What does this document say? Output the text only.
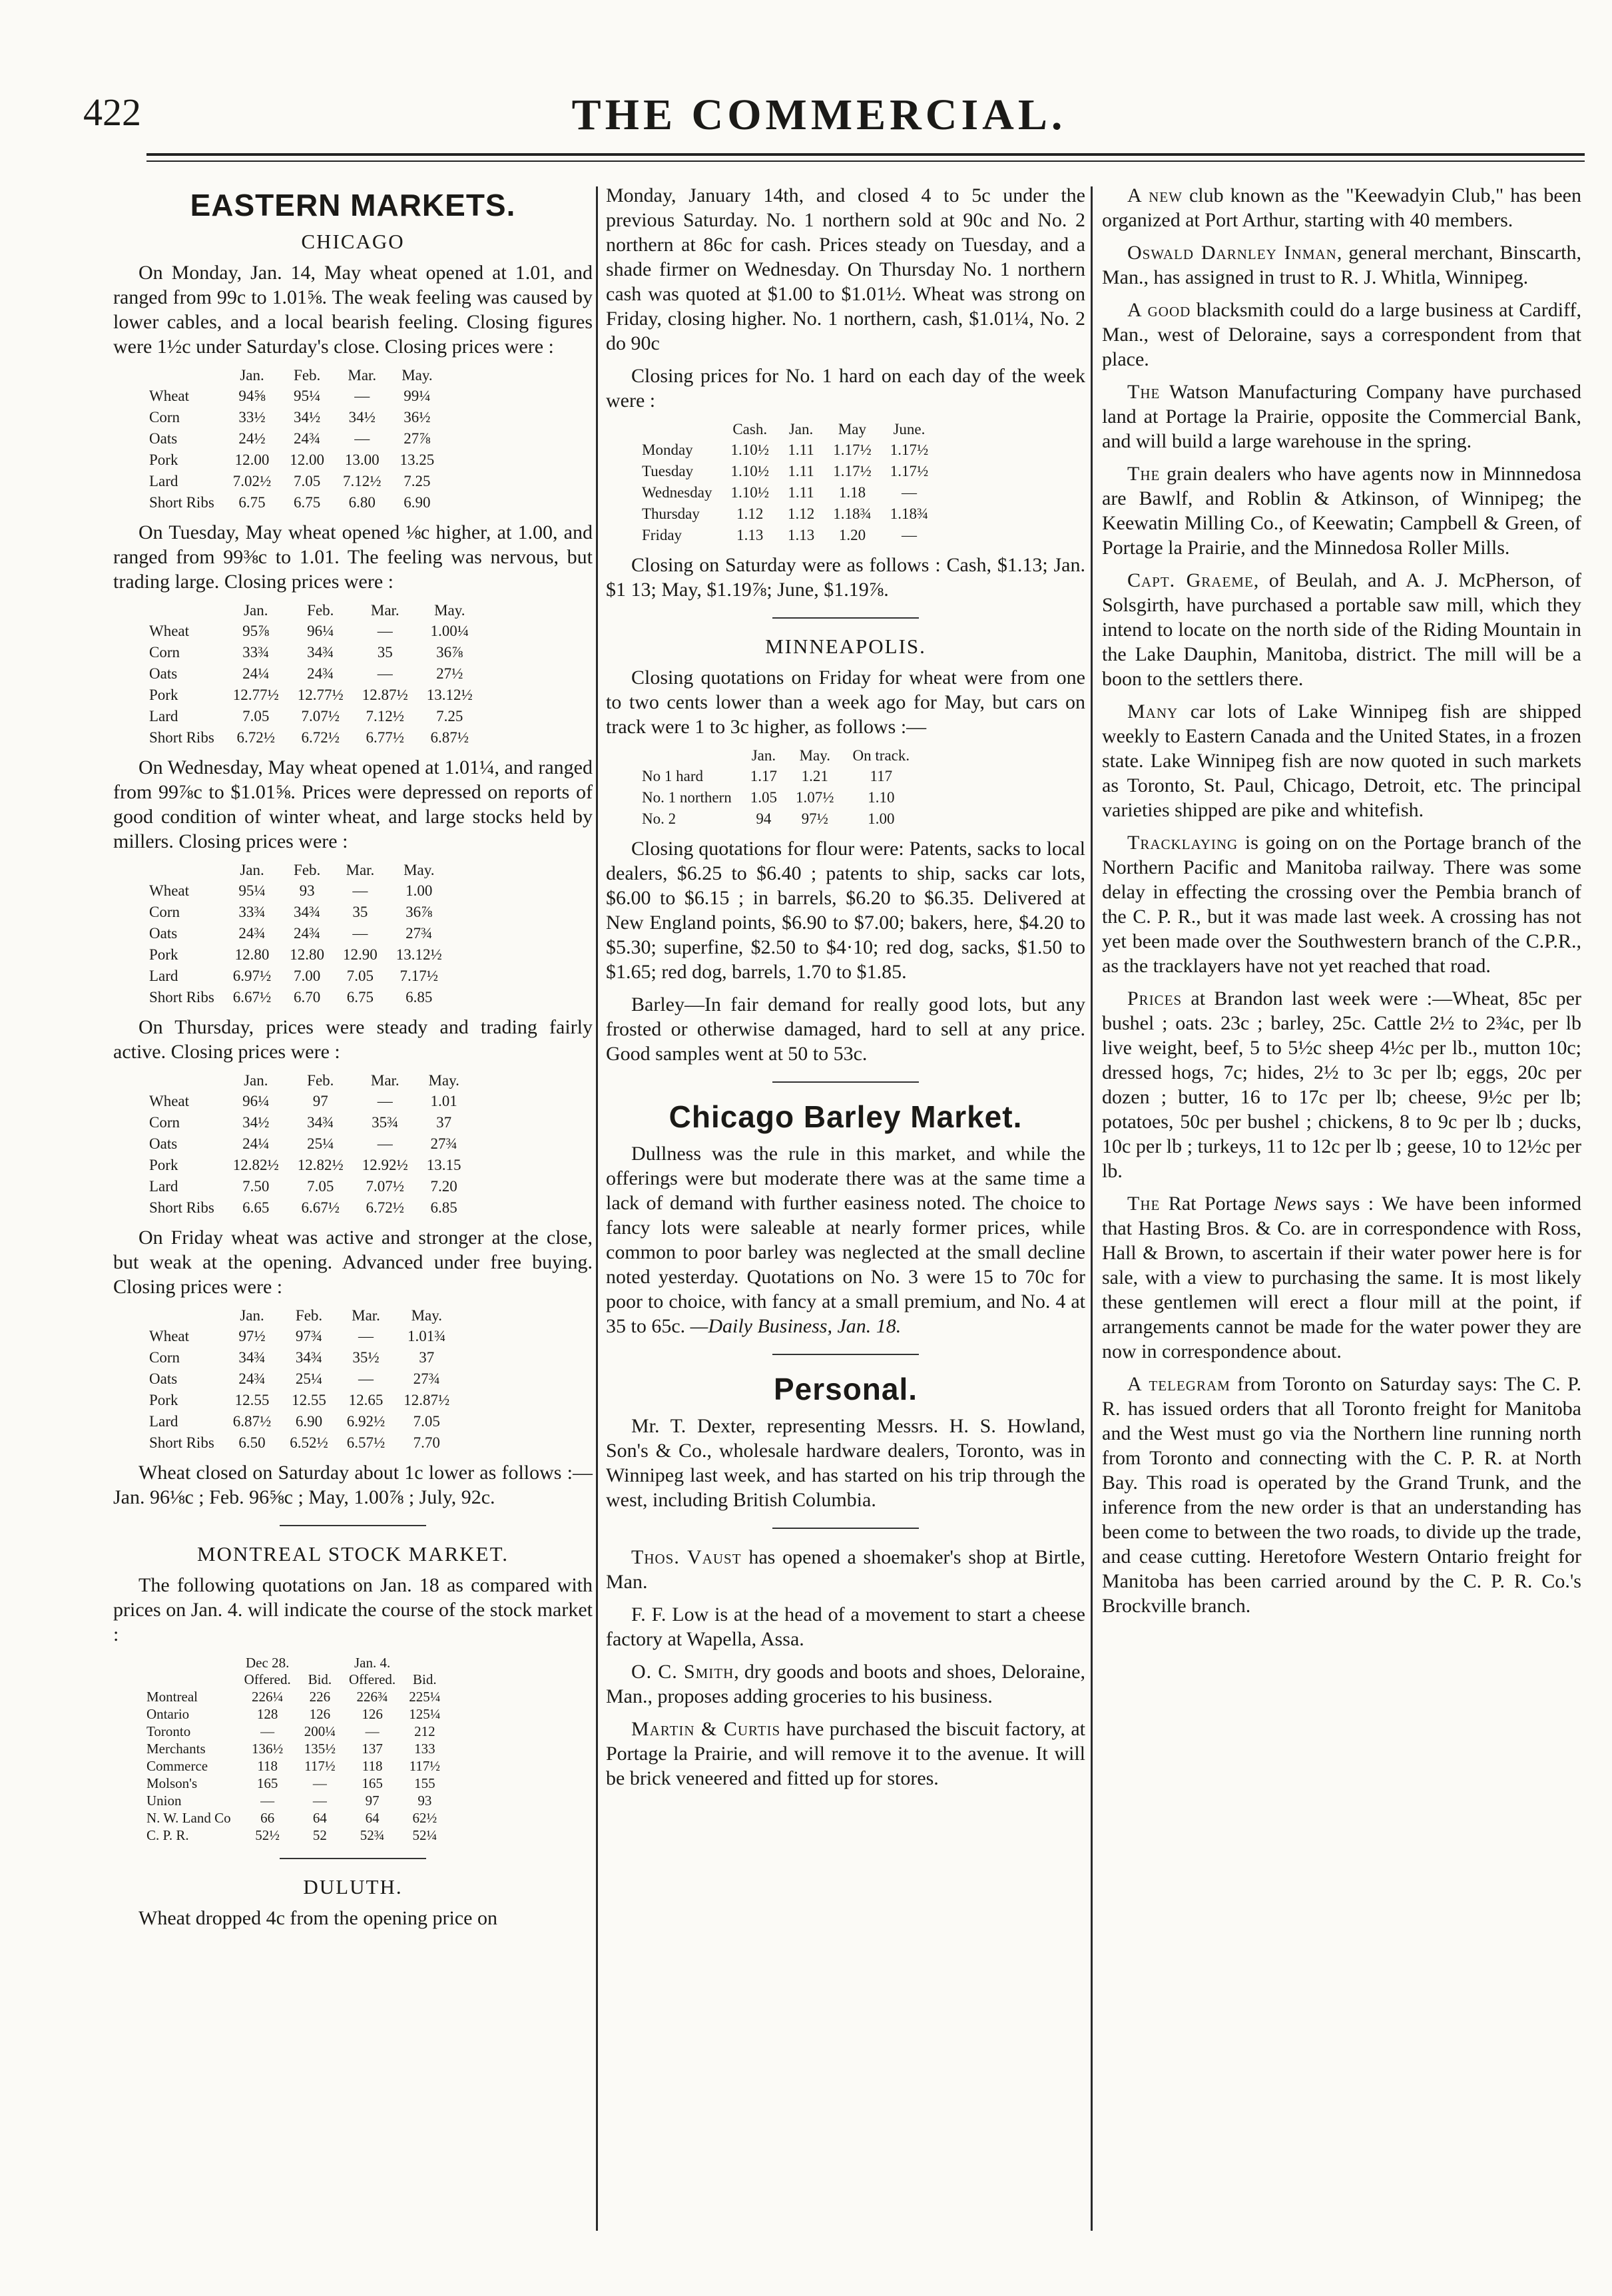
422	THE COMMERCIAL.
EASTERN MARKETS.
CHICAGO

On Monday, Jan. 14, May wheat opened at 1.01, and ranged from 99c to 1.01⅝. The weak feeling was caused by lower cables, and a local bearish feeling. Closing figures were 1½c under Saturday's close. Closing prices were :

	Jan.	Feb.	Mar.	May.
Wheat	94⅝	95¼	—	99¼
Corn	33½	34½	34½	36½
Oats	24½	24¾	—	27⅞
Pork	12.00	12.00	13.00	13.25
Lard	7.02½	7.05	7.12½	7.25
Short Ribs	6.75	6.75	6.80	6.90

On Tuesday, May wheat opened ⅛c higher, at 1.00, and ranged from 99⅜c to 1.01. The feeling was nervous, but trading large. Closing prices were :

	Jan.	Feb.	Mar.	May.
Wheat	95⅞	96¼	—	1.00¼
Corn	33¾	34¾	35	36⅞
Oats	24¼	24¾	—	27½
Pork	12.77½	12.77½	12.87½	13.12½
Lard	7.05	7.07½	7.12½	7.25
Short Ribs	6.72½	6.72½	6.77½	6.87½

On Wednesday, May wheat opened at 1.01¼, and ranged from 99⅞c to $1.01⅝. Prices were depressed on reports of good condition of winter wheat, and large stocks held by millers. Closing prices were :

	Jan.	Feb.	Mar.	May.
Wheat	95¼	93	—	1.00
Corn	33¾	34¾	35	36⅞
Oats	24¾	24¾	—	27¾
Pork	12.80	12.80	12.90	13.12½
Lard	6.97½	7.00	7.05	7.17½
Short Ribs	6.67½	6.70	6.75	6.85

On Thursday, prices were steady and trading fairly active. Closing prices were :

	Jan.	Feb.	Mar.	May.
Wheat	96¼	97	—	1.01
Corn	34½	34¾	35¾	37
Oats	24¼	25¼	—	27¾
Pork	12.82½	12.82½	12.92½	13.15
Lard	7.50	7.05	7.07½	7.20
Short Ribs	6.65	6.67½	6.72½	6.85

On Friday wheat was active and stronger at the close, but weak at the opening. Advanced under free buying. Closing prices were :

	Jan.	Feb.	Mar.	May.
Wheat	97½	97¾	—	1.01¾
Corn	34¾	34¾	35½	37
Oats	24¾	25¼	—	27¾
Pork	12.55	12.55	12.65	12.87½
Lard	6.87½	6.90	6.92½	7.05
Short Ribs	6.50	6.52½	6.57½	7.70

Wheat closed on Saturday about 1c lower as follows :—Jan. 96⅛c ; Feb. 96⅝c ; May, 1.00⅞ ; July, 92c.

MONTREAL STOCK MARKET.

The following quotations on Jan. 18 as compared with prices on Jan. 4. will indicate the course of the stock market :

	Dec 28.		Jan. 4.	
	Offered.	Bid.	Offered.	Bid.
Montreal	226¼	226	226¾	225¼
Ontario	128	126	126	125¼
Toronto	—	200¼	—	212
Merchants	136½	135½	137	133
Commerce	118	117½	118	117½
Molson's	165	—	165	155
Union	—	—	97	93
N. W. Land Co	66	64	64	62½
C. P. R.	52½	52	52¾	52¼
DULUTH.

Wheat dropped 4c from the opening price on

Monday, January 14th, and closed 4 to 5c under the previous Saturday. No. 1 northern sold at 90c and No. 2 northern at 86c for cash. Prices steady on Tuesday, and a shade firmer on Wednesday. On Thursday No. 1 northern cash was quoted at $1.00 to $1.01½. Wheat was strong on Friday, closing higher. No. 1 northern, cash, $1.01¼, No. 2 do 90c

Closing prices for No. 1 hard on each day of the week were :

	Cash.	Jan.	May	June.
Monday	1.10½	1.11	1.17½	1.17½
Tuesday	1.10½	1.11	1.17½	1.17½
Wednesday	1.10½	1.11	1.18	—
Thursday	1.12	1.12	1.18¾	1.18¾
Friday	1.13	1.13	1.20	—

Closing on Saturday were as follows : Cash, $1.13; Jan. $1 13; May, $1.19⅞; June, $1.19⅞.

MINNEAPOLIS.

Closing quotations on Friday for wheat were from one to two cents lower than a week ago for May, but cars on track were 1 to 3c higher, as follows :—

	Jan.	May.	On track.
No 1 hard	1.17	1.21	117
No. 1 northern	1.05	1.07½	1.10
No. 2	94	97½	1.00

Closing quotations for flour were: Patents, sacks to local dealers, $6.25 to $6.40 ; patents to ship, sacks car lots, $6.00 to $6.15 ; in barrels, $6.20 to $6.35. Delivered at New England points, $6.90 to $7.00; bakers, here, $4.20 to $5.30; superfine, $2.50 to $4·10; red dog, sacks, $1.50 to $1.65; red dog, barrels, 1.70 to $1.85.

Barley—In fair demand for really good lots, but any frosted or otherwise damaged, hard to sell at any price. Good samples went at 50 to 53c.

Chicago Barley Market.

Dullness was the rule in this market, and while the offerings were but moderate there was at the same time a lack of demand with further easiness noted. The choice to fancy lots were saleable at nearly former prices, while common to poor barley was neglected at the small decline noted yesterday. Quotations on No. 3 were 15 to 70c for poor to choice, with fancy at a small premium, and No. 4 at 35 to 65c. —Daily Business, Jan. 18.

Personal.

Mr. T. Dexter, representing Messrs. H. S. Howland, Son's & Co., wholesale hardware dealers, Toronto, was in Winnipeg last week, and has started on his trip through the west, including British Columbia.

Thos. Vaust has opened a shoemaker's shop at Birtle, Man.

F. F. Low is at the head of a movement to start a cheese factory at Wapella, Assa.

O. C. Smith, dry goods and boots and shoes, Deloraine, Man., proposes adding groceries to his business.

Martin & Curtis have purchased the biscuit factory, at Portage la Prairie, and will remove it to the avenue. It will be brick veneered and fitted up for stores.

A new club known as the "Keewadyin Club," has been organized at Port Arthur, starting with 40 members.

Oswald Darnley Inman, general merchant, Binscarth, Man., has assigned in trust to R. J. Whitla, Winnipeg.

A good blacksmith could do a large business at Cardiff, Man., west of Deloraine, says a correspondent from that place.

The Watson Manufacturing Company have purchased land at Portage la Prairie, opposite the Commercial Bank, and will build a large warehouse in the spring.

The grain dealers who have agents now in Minnnedosa are Bawlf, and Roblin & Atkinson, of Winnipeg; the Keewatin Milling Co., of Keewatin; Campbell & Green, of Portage la Prairie, and the Minnedosa Roller Mills.

Capt. Graeme, of Beulah, and A. J. McPherson, of Solsgirth, have purchased a portable saw mill, which they intend to locate on the north side of the Riding Mountain in the Lake Dauphin, Manitoba, district. The mill will be a boon to the settlers there.

Many car lots of Lake Winnipeg fish are shipped weekly to Eastern Canada and the United States, in a frozen state. Lake Winnipeg fish are now quoted in such markets as Toronto, St. Paul, Chicago, Detroit, etc. The principal varieties shipped are pike and whitefish.

Tracklaying is going on on the Portage branch of the Northern Pacific and Manitoba railway. There was some delay in effecting the crossing over the Pembia branch of the C. P. R., but it was made last week. A crossing has not yet been made over the Southwestern branch of the C.P.R., as the tracklayers have not yet reached that road.

Prices at Brandon last week were :—Wheat, 85c per bushel ; oats. 23c ; barley, 25c. Cattle 2½ to 2¾c, per lb live weight, beef, 5 to 5½c sheep 4½c per lb., mutton 10c; dressed hogs, 7c; hides, 2½ to 3c per lb; eggs, 20c per dozen ; butter, 16 to 17c per lb; cheese, 9½c per lb; potatoes, 50c per bushel ; chickens, 8 to 9c per lb ; ducks, 10c per lb ; turkeys, 11 to 12c per lb ; geese, 10 to 12½c per lb.

The Rat Portage News says : We have been informed that Hasting Bros. & Co. are in correspondence with Ross, Hall & Brown, to ascertain if their water power here is for sale, with a view to purchasing the same. It is most likely these gentlemen will erect a flour mill at the point, if arrangements cannot be made for the water power they are now in correspondence about.

A telegram from Toronto on Saturday says: The C. P. R. has issued orders that all Toronto freight for Manitoba and the West must go via the Northern line running north from Toronto and connecting with the C. P. R. at North Bay. This road is operated by the Grand Trunk, and the inference from the new order is that an understanding has been come to between the two roads, to divide up the trade, and cease cutting. Heretofore Western Ontario freight for Manitoba has been carried around by the C. P. R. Co.'s Brockville branch.
